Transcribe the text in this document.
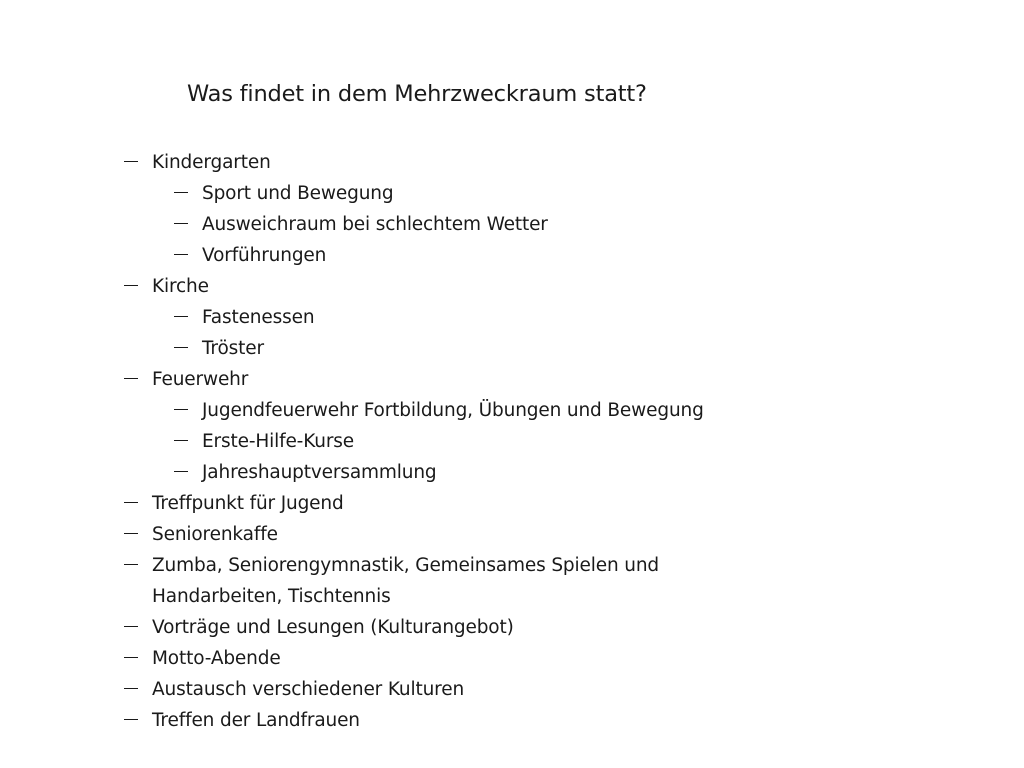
Was findet in dem Mehrzweckraum statt?
Kindergarten
Sport und Bewegung
Ausweichraum bei schlechtem Wetter
Vorführungen
Kirche
Fastenessen
Tröster
Feuerwehr
Jugendfeuerwehr Fortbildung, Übungen und Bewegung
Erste-Hilfe-Kurse
Jahreshauptversammlung
Treffpunkt für Jugend
Seniorenkaffe
Zumba, Seniorengymnastik, Gemeinsames Spielen und
Handarbeiten, Tischtennis
Vorträge und Lesungen (Kulturangebot)
Motto-Abende
Austausch verschiedener Kulturen
Treffen der Landfrauen
